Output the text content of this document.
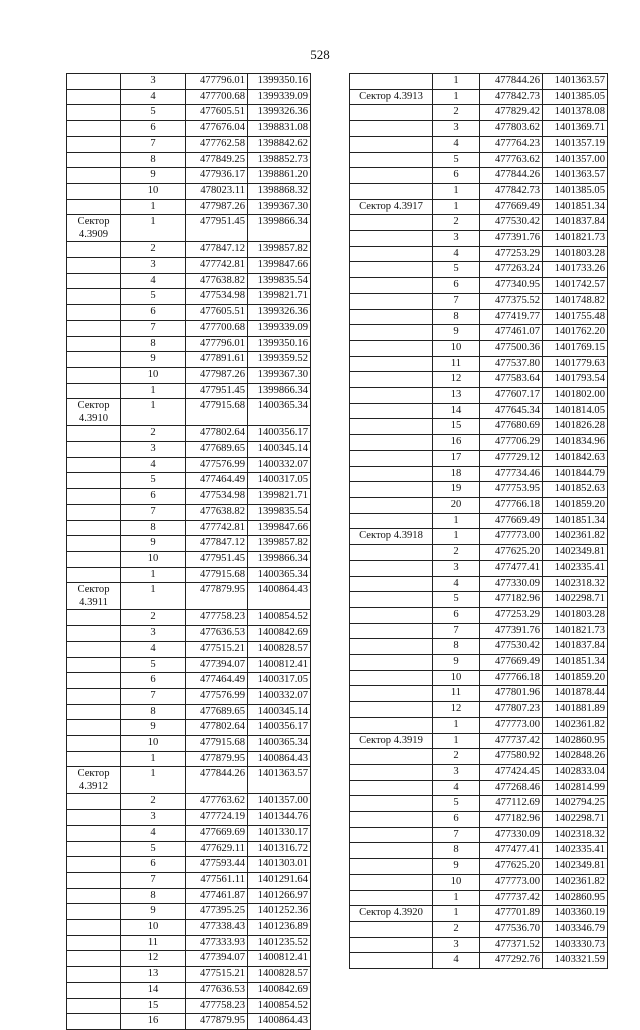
528
	3	477796.01	1399350.16
	4	477700.68	1399339.09
	5	477605.51	1399326.36
	6	477676.04	1398831.08
	7	477762.58	1398842.62
	8	477849.25	1398852.73
	9	477936.17	1398861.20
	10	478023.11	1398868.32
	1	477987.26	1399367.30
Сектор 4.3909	1	477951.45	1399866.34
	2	477847.12	1399857.82
	3	477742.81	1399847.66
	4	477638.82	1399835.54
	5	477534.98	1399821.71
	6	477605.51	1399326.36
	7	477700.68	1399339.09
	8	477796.01	1399350.16
	9	477891.61	1399359.52
	10	477987.26	1399367.30
	1	477951.45	1399866.34
Сектор 4.3910	1	477915.68	1400365.34
	2	477802.64	1400356.17
	3	477689.65	1400345.14
	4	477576.99	1400332.07
	5	477464.49	1400317.05
	6	477534.98	1399821.71
	7	477638.82	1399835.54
	8	477742.81	1399847.66
	9	477847.12	1399857.82
	10	477951.45	1399866.34
	1	477915.68	1400365.34
Сектор 4.3911	1	477879.95	1400864.43
	2	477758.23	1400854.52
	3	477636.53	1400842.69
	4	477515.21	1400828.57
	5	477394.07	1400812.41
	6	477464.49	1400317.05
	7	477576.99	1400332.07
	8	477689.65	1400345.14
	9	477802.64	1400356.17
	10	477915.68	1400365.34
	1	477879.95	1400864.43
Сектор 4.3912	1	477844.26	1401363.57
	2	477763.62	1401357.00
	3	477724.19	1401344.76
	4	477669.69	1401330.17
	5	477629.11	1401316.72
	6	477593.44	1401303.01
	7	477561.11	1401291.64
	8	477461.87	1401266.97
	9	477395.25	1401252.36
	10	477338.43	1401236.89
	11	477333.93	1401235.52
	12	477394.07	1400812.41
	13	477515.21	1400828.57
	14	477636.53	1400842.69
	15	477758.23	1400854.52
	16	477879.95	1400864.43
	1	477844.26	1401363.57
Сектор 4.3913	1	477842.73	1401385.05
	2	477829.42	1401378.08
	3	477803.62	1401369.71
	4	477764.23	1401357.19
	5	477763.62	1401357.00
	6	477844.26	1401363.57
	1	477842.73	1401385.05
Сектор 4.3917	1	477669.49	1401851.34
	2	477530.42	1401837.84
	3	477391.76	1401821.73
	4	477253.29	1401803.28
	5	477263.24	1401733.26
	6	477340.95	1401742.57
	7	477375.52	1401748.82
	8	477419.77	1401755.48
	9	477461.07	1401762.20
	10	477500.36	1401769.15
	11	477537.80	1401779.63
	12	477583.64	1401793.54
	13	477607.17	1401802.00
	14	477645.34	1401814.05
	15	477680.69	1401826.28
	16	477706.29	1401834.96
	17	477729.12	1401842.63
	18	477734.46	1401844.79
	19	477753.95	1401852.63
	20	477766.18	1401859.20
	1	477669.49	1401851.34
Сектор 4.3918	1	477773.00	1402361.82
	2	477625.20	1402349.81
	3	477477.41	1402335.41
	4	477330.09	1402318.32
	5	477182.96	1402298.71
	6	477253.29	1401803.28
	7	477391.76	1401821.73
	8	477530.42	1401837.84
	9	477669.49	1401851.34
	10	477766.18	1401859.20
	11	477801.96	1401878.44
	12	477807.23	1401881.89
	1	477773.00	1402361.82
Сектор 4.3919	1	477737.42	1402860.95
	2	477580.92	1402848.26
	3	477424.45	1402833.04
	4	477268.46	1402814.99
	5	477112.69	1402794.25
	6	477182.96	1402298.71
	7	477330.09	1402318.32
	8	477477.41	1402335.41
	9	477625.20	1402349.81
	10	477773.00	1402361.82
	1	477737.42	1402860.95
Сектор 4.3920	1	477701.89	1403360.19
	2	477536.70	1403346.79
	3	477371.52	1403330.73
	4	477292.76	1403321.59
